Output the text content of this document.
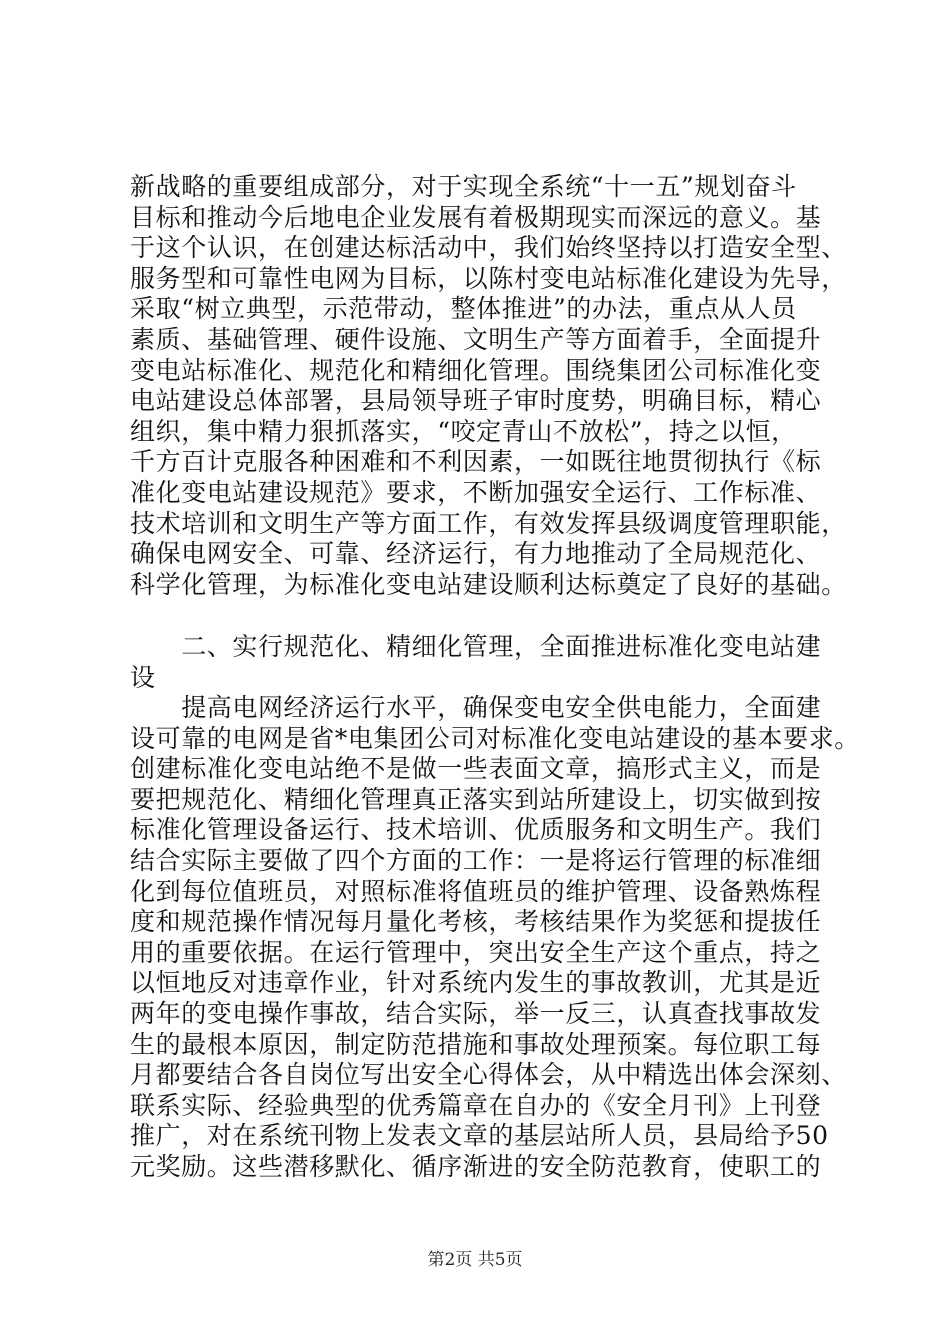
新战略的重要组成部分，对于实现全系统“十一五”规划奋斗
目标和推动今后地电企业发展有着极期现实而深远的意义。基
于这个认识，在创建达标活动中，我们始终坚持以打造安全型、
服务型和可靠性电网为目标，以陈村变电站标准化建设为先导，
采取“树立典型，示范带动，整体推进”的办法，重点从人员
素质、基础管理、硬件设施、文明生产等方面着手，全面提升
变电站标准化、规范化和精细化管理。围绕集团公司标准化变
电站建设总体部署，县局领导班子审时度势，明确目标，精心
组织，集中精力狠抓落实，“咬定青山不放松”，持之以恒，
千方百计克服各种困难和不利因素，一如既往地贯彻执行《标
准化变电站建设规范》要求，不断加强安全运行、工作标准、
技术培训和文明生产等方面工作，有效发挥县级调度管理职能，
确保电网安全、可靠、经济运行，有力地推动了全局规范化、
科学化管理，为标准化变电站建设顺利达标奠定了良好的基础。
　　二、实行规范化、精细化管理，全面推进标准化变电站建
设
　　提高电网经济运行水平，确保变电安全供电能力，全面建
设可靠的电网是省*电集团公司对标准化变电站建设的基本要求。
创建标准化变电站绝不是做一些表面文章，搞形式主义，而是
要把规范化、精细化管理真正落实到站所建设上，切实做到按
标准化管理设备运行、技术培训、优质服务和文明生产。我们
结合实际主要做了四个方面的工作：一是将运行管理的标准细
化到每位值班员，对照标准将值班员的维护管理、设备熟炼程
度和规范操作情况每月量化考核，考核结果作为奖惩和提拔任
用的重要依据。在运行管理中，突出安全生产这个重点，持之
以恒地反对违章作业，针对系统内发生的事故教训，尤其是近
两年的变电操作事故，结合实际，举一反三，认真查找事故发
生的最根本原因，制定防范措施和事故处理预案。每位职工每
月都要结合各自岗位写出安全心得体会，从中精选出体会深刻、
联系实际、经验典型的优秀篇章在自办的《安全月刊》上刊登
推广，对在系统刊物上发表文章的基层站所人员，县局给予50
元奖励。这些潜移默化、循序渐进的安全防范教育，使职工的
第2页 共5页
